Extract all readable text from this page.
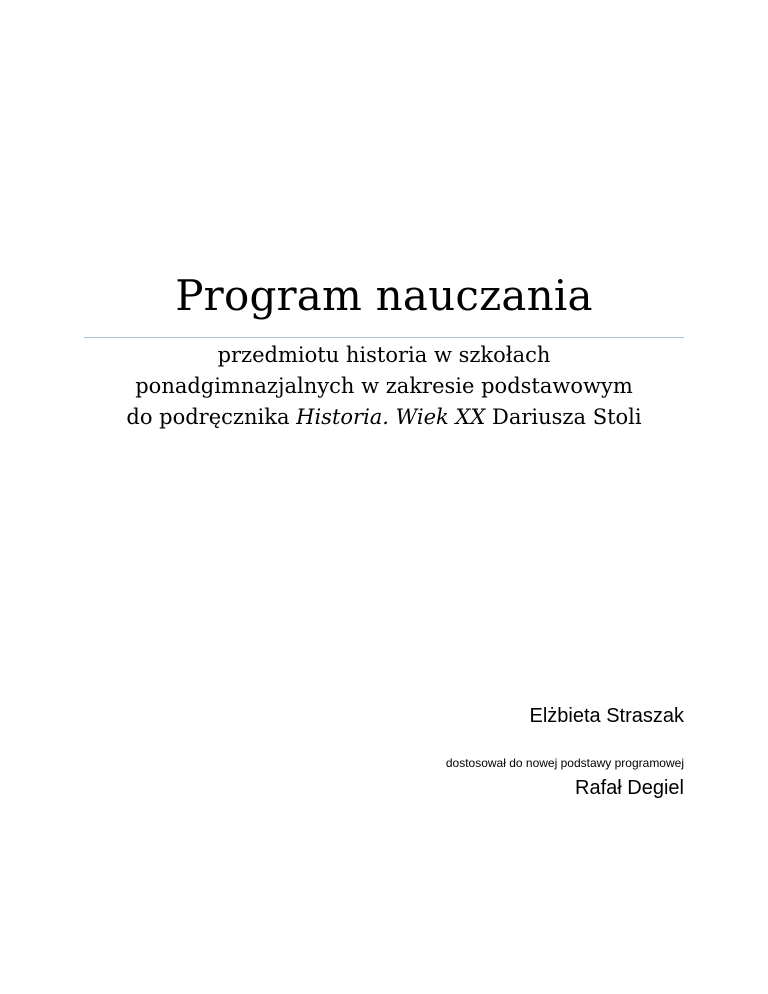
Program nauczania
przedmiotu historia w szkołach
ponadgimnazjalnych w zakresie podstawowym
do podręcznika Historia. Wiek XX Dariusza Stoli
Elżbieta Straszak
dostosował do nowej podstawy programowej
Rafał Degiel
